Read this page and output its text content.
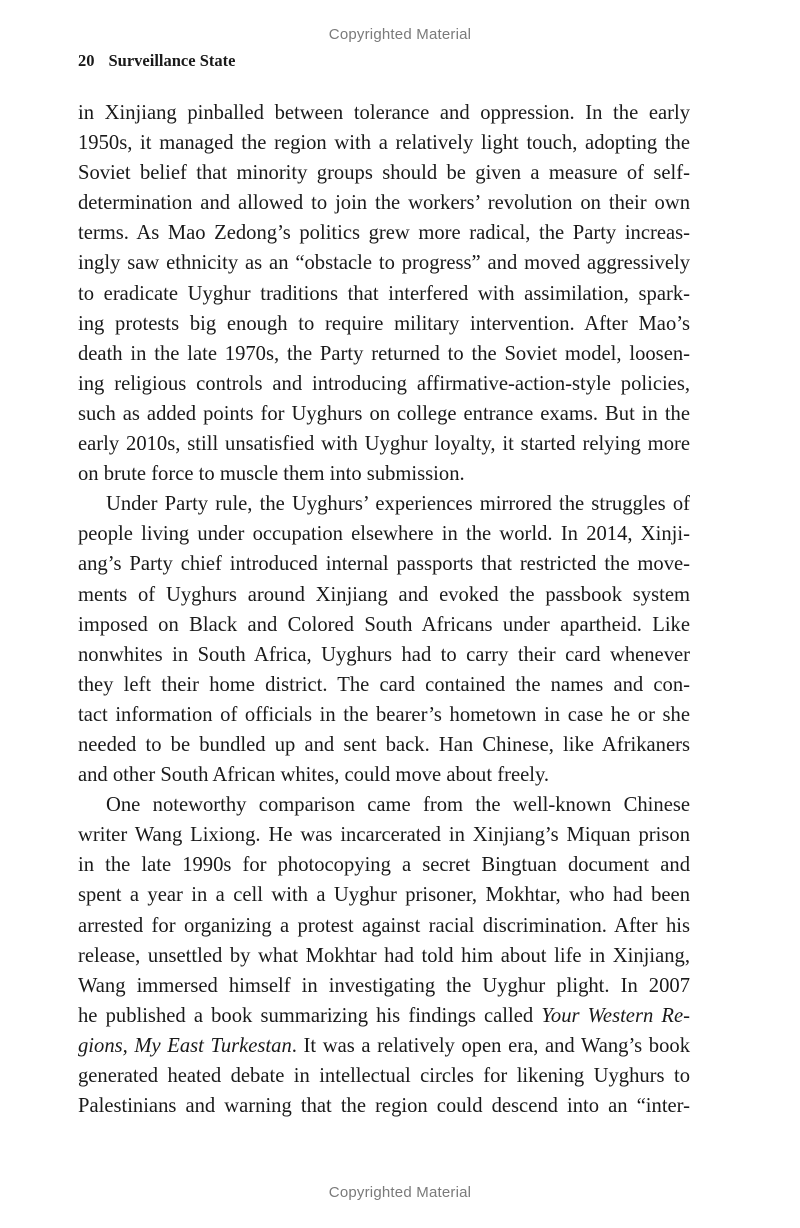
Copyrighted Material
20 Surveillance State

in Xinjiang pinballed between tolerance and oppression. In the early
1950s, it managed the region with a relatively light touch, adopting the
Soviet belief that minority groups should be given a measure of self-
determination and allowed to join the workers’ revolution on their own
terms. As Mao Zedong’s politics grew more radical, the Party increas-
ingly saw ethnicity as an “obstacle to progress” and moved aggressively
to eradicate Uyghur traditions that interfered with assimilation, spark-
ing protests big enough to require military intervention. After Mao’s
death in the late 1970s, the Party returned to the Soviet model, loosen-
ing religious controls and introducing affirmative-action-style policies,
such as added points for Uyghurs on college entrance exams. But in the
early 2010s, still unsatisfied with Uyghur loyalty, it started relying more
on brute force to muscle them into submission.

Under Party rule, the Uyghurs’ experiences mirrored the struggles of
people living under occupation elsewhere in the world. In 2014, Xinji-
ang’s Party chief introduced internal passports that restricted the move-
ments of Uyghurs around Xinjiang and evoked the passbook system
imposed on Black and Colored South Africans under apartheid. Like
nonwhites in South Africa, Uyghurs had to carry their card whenever
they left their home district. The card contained the names and con-
tact information of officials in the bearer’s hometown in case he or she
needed to be bundled up and sent back. Han Chinese, like Afrikaners
and other South African whites, could move about freely.

One noteworthy comparison came from the well-known Chinese
writer Wang Lixiong. He was incarcerated in Xinjiang’s Miquan prison
in the late 1990s for photocopying a secret Bingtuan document and
spent a year in a cell with a Uyghur prisoner, Mokhtar, who had been
arrested for organizing a protest against racial discrimination. After his
release, unsettled by what Mokhtar had told him about life in Xinjiang,
Wang immersed himself in investigating the Uyghur plight. In 2007
he published a book summarizing his findings called Your Western Re-
gions, My East Turkestan. It was a relatively open era, and Wang’s book
generated heated debate in intellectual circles for likening Uyghurs to
Palestinians and warning that the region could descend into an “inter-

Copyrighted Material
